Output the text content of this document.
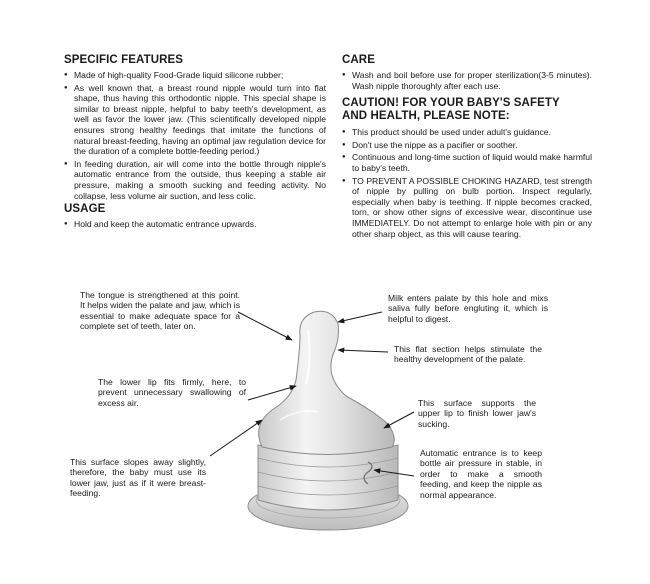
SPECIFIC FEATURES
● Made of high-quality Food-Grade liquid silicone rubber;
● As well known that, a breast round nipple would turn into flat shape, thus having this orthodontic nipple. This special shape is similar to breast nipple, helpful to baby teeth's development, as well as favor the lower jaw. (This scientifically developed nipple ensures strong healthy feedings that imitate the functions of natural breast-feeding, having an optimal jaw regulation device for the duration of a complete bottle-feeding period.)
● In feeding duration, air will come into the bottle through nipple's automatic entrance from the outside, thus keeping a stable air pressure, making a smooth sucking and feeding activity. No collapse, less volume air suction, and less colic.
USAGE
● Hold and keep the automatic entrance upwards.
CARE
● Wash and boil before use for proper sterilization(3-5 minutes). Wash nipple thoroughly after each use.
CAUTION! FOR YOUR BABY'S SAFETY
AND HEALTH, PLEASE NOTE:
● This product should be used under adult's guidance.
● Don't use the nippe as a pacifier or soother.
● Continuous and long-time suction of liquid would make harmful to baby's teeth.
● TO PREVENT A POSSIBLE CHOKING HAZARD, test strength of nipple by pulling on bulb portion. Inspect regularly, especially when baby is teething. If nipple becomes cracked, torn, or show other signs of excessive wear, discontinue use IMMEDIATELY. Do not attempt to enlarge hole with pin or any other sharp object, as this will cause tearing.
The tongue is strengthened at this point. It helps widen the palate and jaw, which is essential to make adequate space for a complete set of teeth, later on.
Milk enters palate by this hole and mixs saliva fully before engluting it, which is helpful to digest.
This flat section helps stimulate the healthy development of the palate.
The lower lip fits firmly, here, to prevent unnecessary swallowing of excess air.	This surface supports the upper lip to finish lower jaw's sucking.
This surface slopes away slightly, therefore, the baby must use its lower jaw, just as if it were breast-feeding.
Automatic entrance is to keep bottle air pressure in stable, in order to make a smooth feeding, and keep the nipple as normal appearance.
